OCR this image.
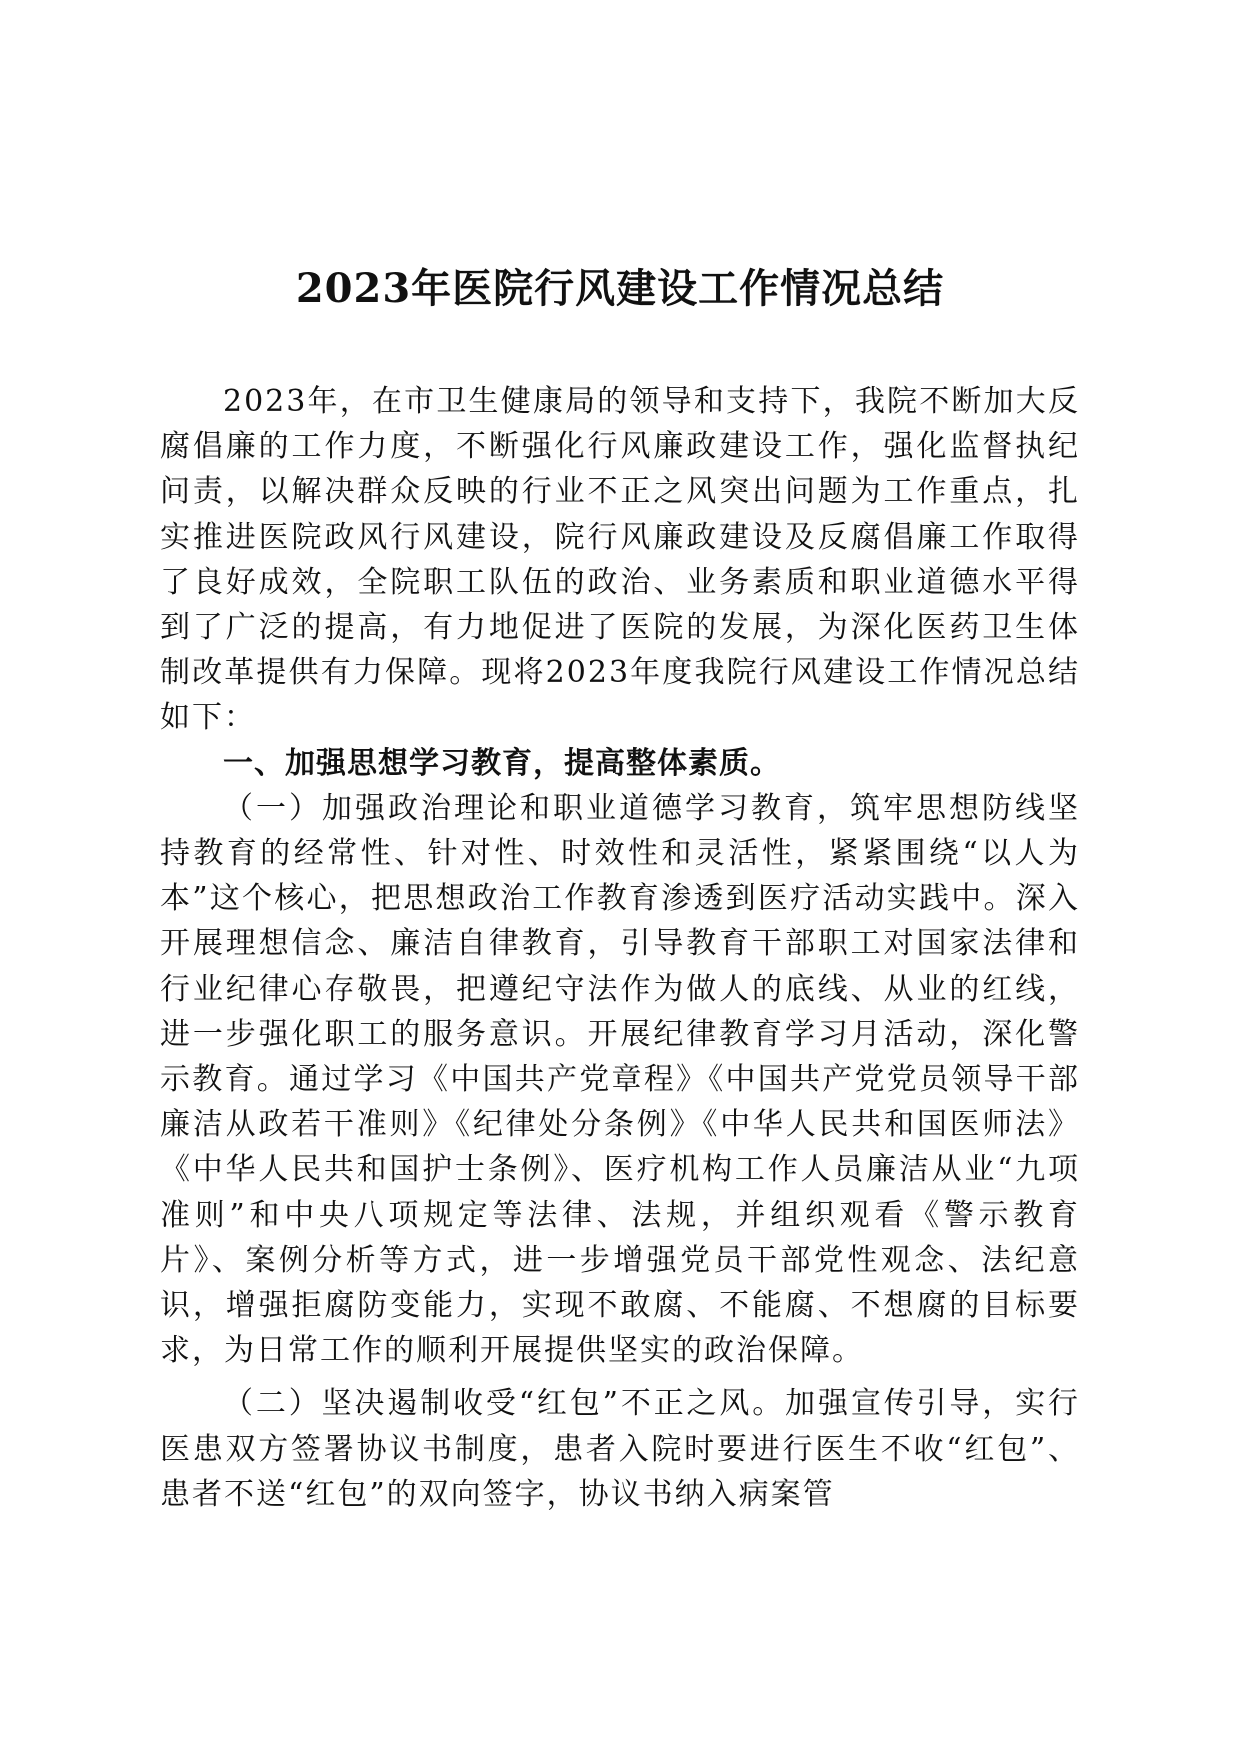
2023年医院行风建设工作情况总结

2023年，在市卫生健康局的领导和支持下，我院不断加大反腐倡廉的工作力度，不断强化行风廉政建设工作，强化监督执纪问责，以解决群众反映的行业不正之风突出问题为工作重点，扎实推进医院政风行风建设，院行风廉政建设及反腐倡廉工作取得了良好成效，全院职工队伍的政治、业务素质和职业道德水平得到了广泛的提高，有力地促进了医院的发展，为深化医药卫生体制改革提供有力保障。现将2023年度我院行风建设工作情况总结如下：

一、加强思想学习教育，提高整体素质。

（一）加强政治理论和职业道德学习教育，筑牢思想防线坚持教育的经常性、针对性、时效性和灵活性，紧紧围绕“以人为本”这个核心，把思想政治工作教育渗透到医疗活动实践中。深入开展理想信念、廉洁自律教育，引导教育干部职工对国家法律和行业纪律心存敬畏，把遵纪守法作为做人的底线、从业的红线，进一步强化职工的服务意识。开展纪律教育学习月活动，深化警示教育。通过学习《中国共产党章程》《中国共产党党员领导干部廉洁从政若干准则》《纪律处分条例》《中华人民共和国医师法》《中华人民共和国护士条例》、医疗机构工作人员廉洁从业“九项准则”和中央八项规定等法律、法规，并组织观看《警示教育片》、案例分析等方式，进一步增强党员干部党性观念、法纪意识，增强拒腐防变能力，实现不敢腐、不能腐、不想腐的目标要求，为日常工作的顺利开展提供坚实的政治保障。

（二）坚决遏制收受“红包”不正之风。加强宣传引导，实行医患双方签署协议书制度，患者入院时要进行医生不收“红包”、患者不送“红包”的双向签字，协议书纳入病案管
